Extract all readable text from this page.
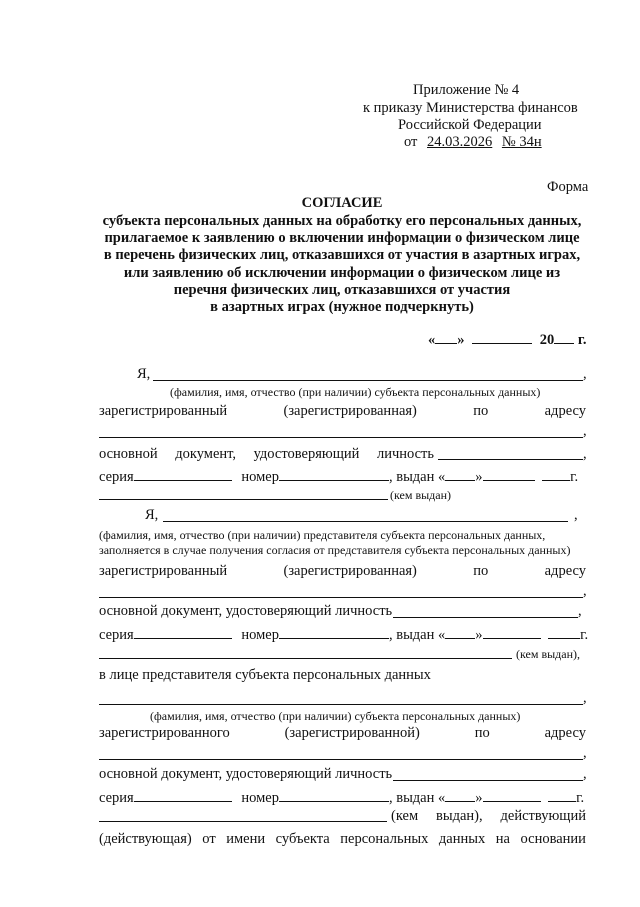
Приложение № 4
к приказу Министерства финансов
Российской Федерации
от 24.03.2026 № 34н
Форма
СОГЛАСИЕ
субъекта персональных данных на обработку его персональных данных,
прилагаемое к заявлению о включении информации о физическом лице
в перечень физических лиц, отказавшихся от участия в азартных играх,
или заявлению об исключении информации о физическом лице из
перечня физических лиц, отказавшихся от участия
в азартных играх (нужное подчеркнуть)
« »	20 г.
Я,	,
(фамилия, имя, отчество (при наличии) субъекта персональных данных)
зарегистрированный	(зарегистрированная)	по	адресу
,
основной документ, удостоверяющий личность	,
серия	номер	, выдан « »	г.
(кем выдан)
Я,	,
(фамилия, имя, отчество (при наличии) представителя субъекта персональных данных,
заполняется в случае получения согласия от представителя субъекта персональных данных)
зарегистрированный	(зарегистрированная)	по	адресу
,
основной документ, удостоверяющий личность	,
серия	номер	, выдан « »	г.
(кем выдан),
в лице представителя субъекта персональных данных
,
(фамилия, имя, отчество (при наличии) субъекта персональных данных)
зарегистрированного	(зарегистрированной)	по	адресу
,
основной документ, удостоверяющий личность	,
серия	номер	, выдан « »	г.
(кем выдан), действующий
(действующая) от имени субъекта персональных данных на основании
